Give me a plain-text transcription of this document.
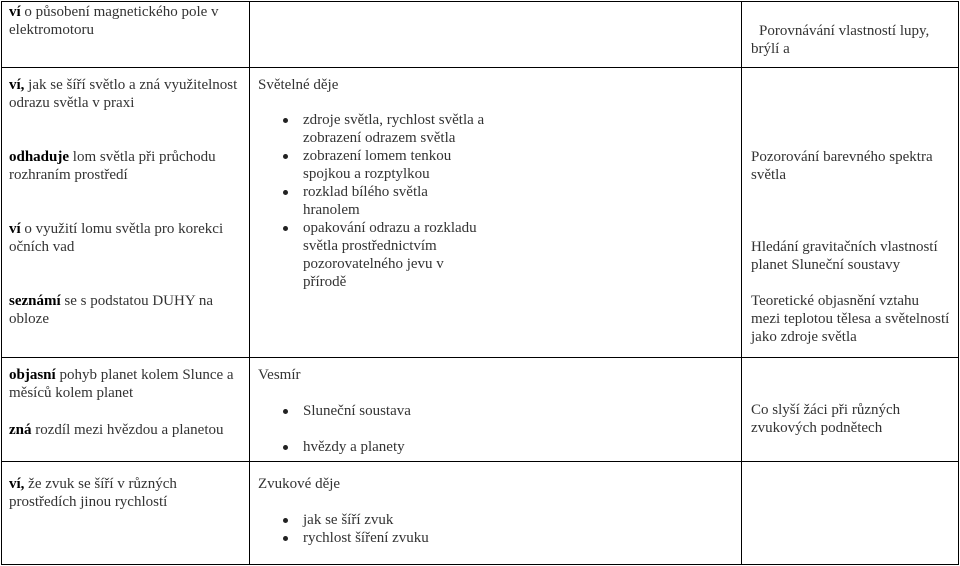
ví o působení magnetického pole v elektromotoru	Porovnávání vlastností lupy, brýlí a

ví, jak se šíří světlo a zná využitelnost odrazu světla v praxi

odhaduje lom světla při průchodu rozhraním prostředí

ví o využití lomu světla pro korekci očních vad

seznámí se s podstatou DUHY na obloze

Světelné děje

zdroje světla, rychlost světla a zobrazení odrazem světla
zobrazení lomem tenkou spojkou a rozptylkou
rozklad bílého světla hranolem
opakování odrazu a rozkladu světla prostřednictvím pozorovatelného jevu v přírodě

Pozorování barevného spektra světla

Hledání gravitačních vlastností planet Sluneční soustavy

Teoretické objasnění vztahu mezi teplotou tělesa a světelností jako zdroje světla

objasní pohyb planet kolem Slunce a měsíců kolem planet

zná rozdíl mezi hvězdou a planetou

Vesmír

Sluneční soustava
hvězdy a planety

Co slyší žáci při různých zvukových podnětech

ví, že zvuk se šíří v různých prostředích jinou rychlostí

Zvukové děje

jak se šíří zvuk
rychlost šíření zvuku
